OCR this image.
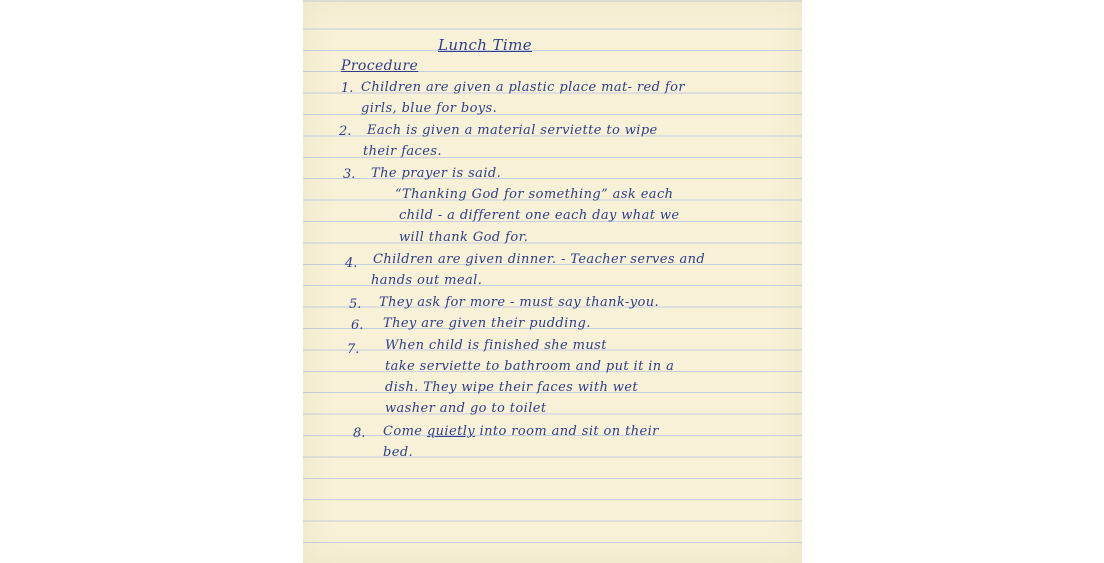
Lunch Time

Procedure

1. Children are given a plastic place mat- red for

girls, blue for boys.

2. Each is given a material serviette to wipe

their faces.

3. The prayer is said.

“Thanking God for something” ask each

child - a different one each day what we

will thank God for.

4. Children are given dinner. - Teacher serves and

hands out meal.

5. They ask for more - must say thank-you.

6. They are given their pudding.

7. When child is finished she must

take serviette to bathroom and put it in a

dish. They wipe their faces with wet

washer and go to toilet

8. Come quietly into room and sit on their

bed.
